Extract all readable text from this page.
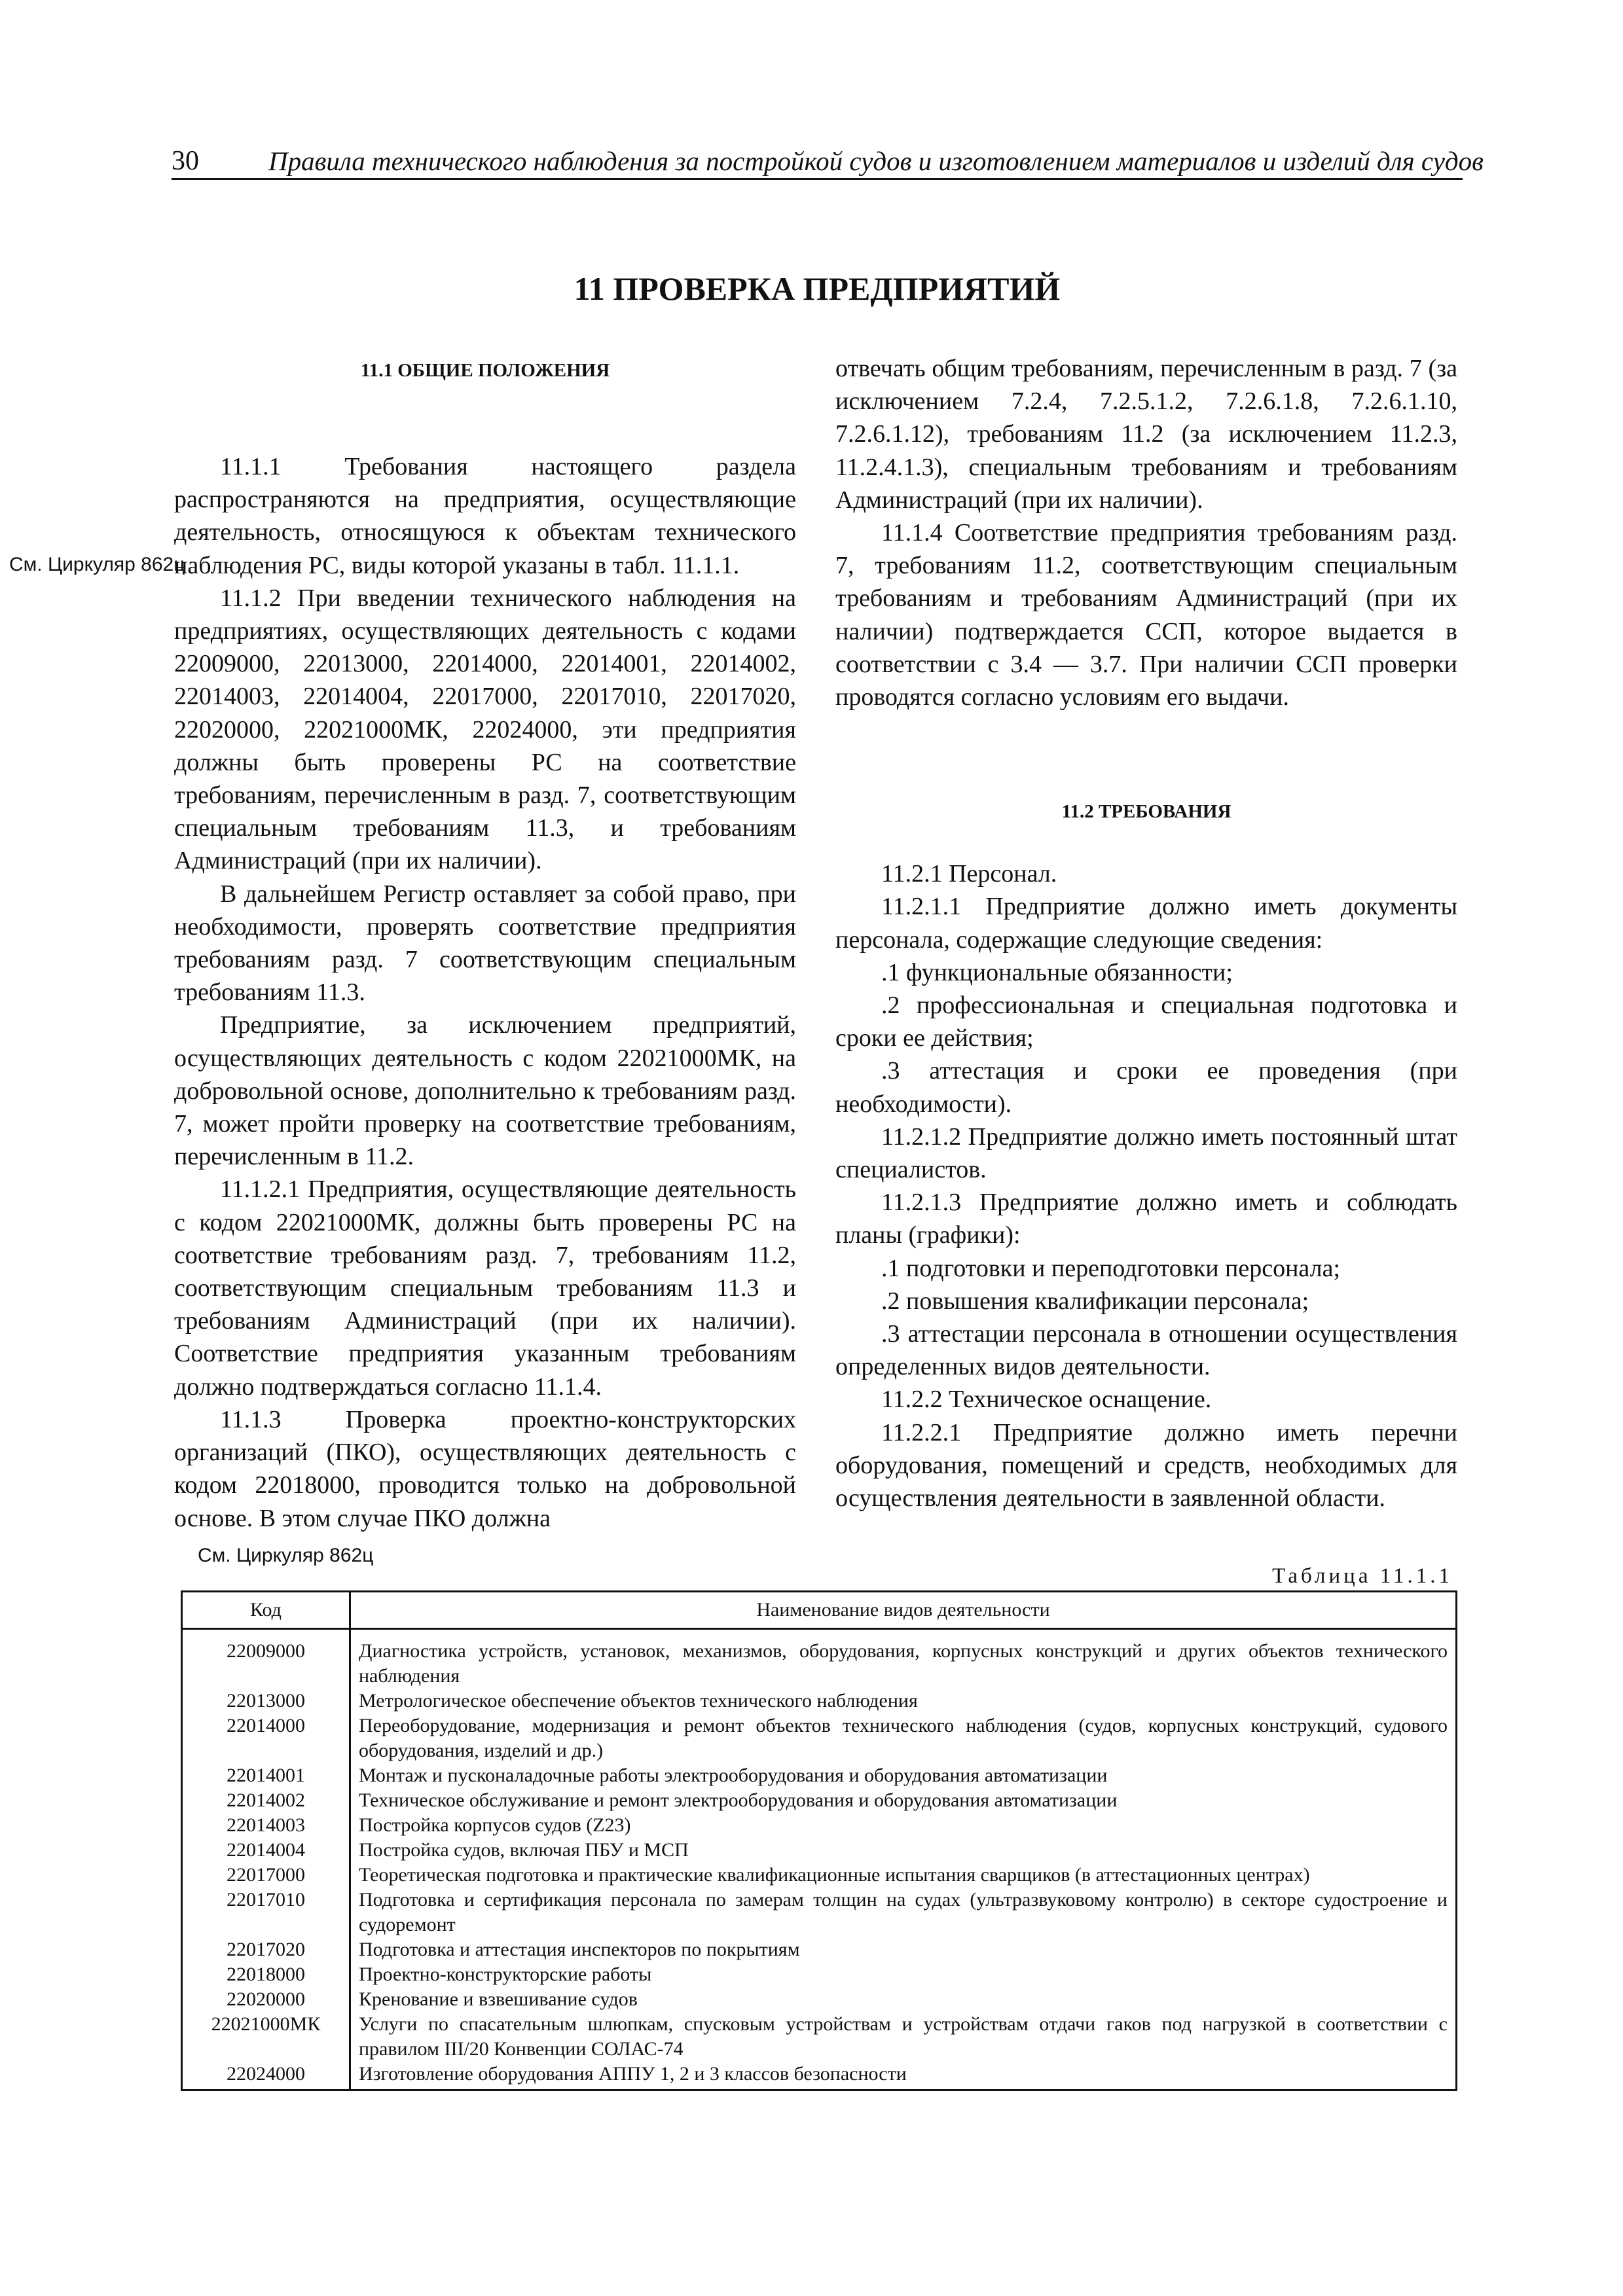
30	Правила технического наблюдения за постройкой судов и изготовлением материалов и изделий для судов
11 ПРОВЕРКА ПРЕДПРИЯТИЙ
См. Циркуляр 862ц
См. Циркуляр 862ц

11.1 ОБЩИЕ ПОЛОЖЕНИЯ

11.1.1 Требования настоящего раздела распространяются на предприятия, осуществляющие деятельность, относящуюся к объектам технического наблюдения РС, виды которой указаны в табл. 11.1.1.

11.1.2 При введении технического наблюдения на предприятиях, осуществляющих деятельность с кодами 22009000, 22013000, 22014000, 22014001, 22014002, 22014003, 22014004, 22017000, 22017010, 22017020, 22020000, 22021000МК, 22024000, эти предприятия должны быть проверены РС на соответствие требованиям, перечисленным в разд. 7, соответствующим специальным требованиям 11.3, и требованиям Администраций (при их наличии).

В дальнейшем Регистр оставляет за собой право, при необходимости, проверять соответствие предприятия требованиям разд. 7 соответствующим специальным требованиям 11.3.

Предприятие, за исключением предприятий, осуществляющих деятельность с кодом 22021000МК, на добровольной основе, дополнительно к требованиям разд. 7, может пройти проверку на соответствие требованиям, перечисленным в 11.2.

11.1.2.1 Предприятия, осуществляющие деятельность с кодом 22021000МК, должны быть проверены РС на соответствие требованиям разд. 7, требованиям 11.2, соответствующим специальным требованиям 11.3 и требованиям Администраций (при их наличии). Соответствие предприятия указанным требованиям должно подтверждаться согласно 11.1.4.

11.1.3 Проверка проектно-конструкторских организаций (ПКО), осуществляющих деятельность с кодом 22018000, проводится только на добровольной основе. В этом случае ПКО должна

отвечать общим требованиям, перечисленным в разд. 7 (за исключением 7.2.4, 7.2.5.1.2, 7.2.6.1.8, 7.2.6.1.10, 7.2.6.1.12), требованиям 11.2 (за исключением 11.2.3, 11.2.4.1.3), специальным требованиям и требованиям Администраций (при их наличии).

11.1.4 Соответствие предприятия требованиям разд. 7, требованиям 11.2, соответствующим специальным требованиям и требованиям Администраций (при их наличии) подтверждается ССП, которое выдается в соответствии с 3.4 — 3.7. При наличии ССП проверки проводятся согласно условиям его выдачи.

11.2 ТРЕБОВАНИЯ

11.2.1 Персонал.

11.2.1.1 Предприятие должно иметь документы персонала, содержащие следующие сведения:

.1 функциональные обязанности;

.2 профессиональная и специальная подготовка и сроки ее действия;

.3 аттестация и сроки ее проведения (при необходимости).

11.2.1.2 Предприятие должно иметь постоянный штат специалистов.

11.2.1.3 Предприятие должно иметь и соблюдать планы (графики):

.1 подготовки и переподготовки персонала;

.2 повышения квалификации персонала;

.3 аттестации персонала в отношении осуществления определенных видов деятельности.

11.2.2 Техническое оснащение.

11.2.2.1 Предприятие должно иметь перечни оборудования, помещений и средств, необходимых для осуществления деятельности в заявленной области.

Таблица 11.1.1
Код	Наименование видов деятельности
22009000	Диагностика устройств, установок, механизмов, оборудования, корпусных конструкций и других объектов технического наблюдения
22013000	Метрологическое обеспечение объектов технического наблюдения
22014000	Переоборудование, модернизация и ремонт объектов технического наблюдения (судов, корпусных конструкций, судового оборудования, изделий и др.)
22014001	Монтаж и пусконаладочные работы электрооборудования и оборудования автоматизации
22014002	Техническое обслуживание и ремонт электрооборудования и оборудования автоматизации
22014003	Постройка корпусов судов (Z23)
22014004	Постройка судов, включая ПБУ и МСП
22017000	Теоретическая подготовка и практические квалификационные испытания сварщиков (в аттестационных центрах)
22017010	Подготовка и сертификация персонала по замерам толщин на судах (ультразвуковому контролю) в секторе судостроение и судоремонт
22017020	Подготовка и аттестация инспекторов по покрытиям
22018000	Проектно-конструкторские работы
22020000	Кренование и взвешивание судов
22021000МК	Услуги по спасательным шлюпкам, спусковым устройствам и устройствам отдачи гаков под нагрузкой в соответствии с правилом III/20 Конвенции СОЛАС-74
22024000	Изготовление оборудования АППУ 1, 2 и 3 классов безопасности
